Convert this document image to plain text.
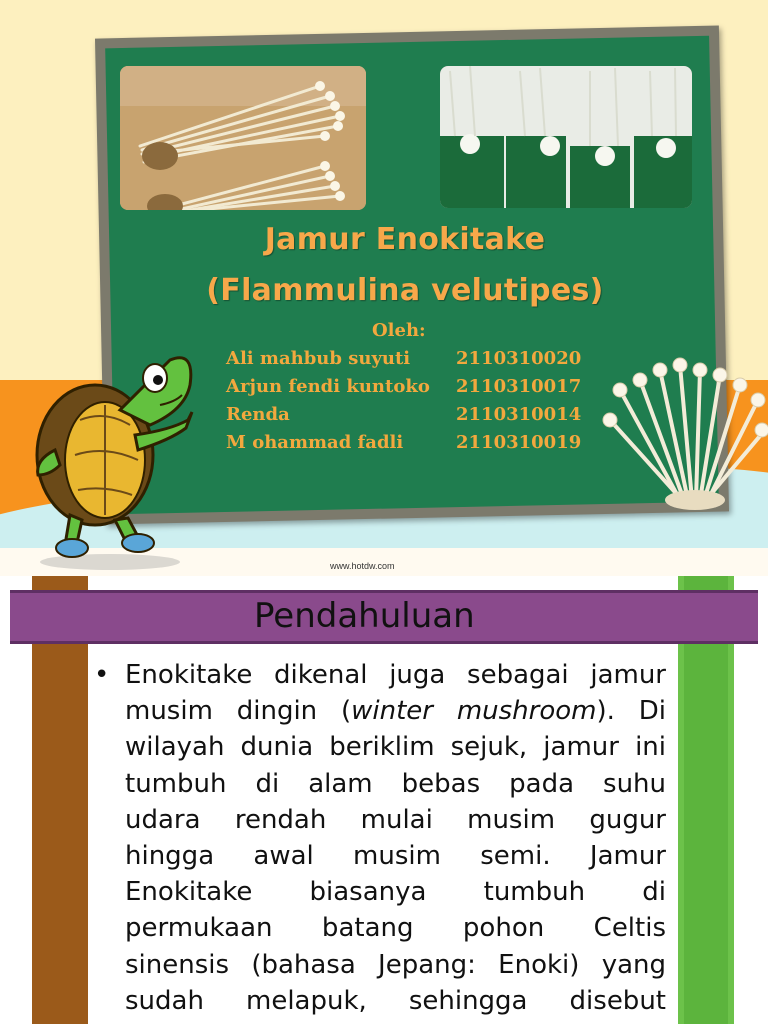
www.hotdw.com
Jamur Enokitake
(Flammulina velutipes)
Oleh:
Ali mahbub suyuti	2110310020
Arjun fendi kuntoko 2110310017
Renda	2110310014
M ohammad fadli	2110310019
Pendahuluan
• Enokitake dikenal juga sebagai jamur
musim dingin (winter mushroom). Di
wilayah dunia beriklim sejuk, jamur ini
tumbuh di alam bebas pada suhu
udara rendah mulai musim gugur
hingga awal musim semi. Jamur
Enokitake biasanya tumbuh di
permukaan batang pohon Celtis
sinensis (bahasa Jepang: Enoki) yang
sudah melapuk, sehingga disebut
